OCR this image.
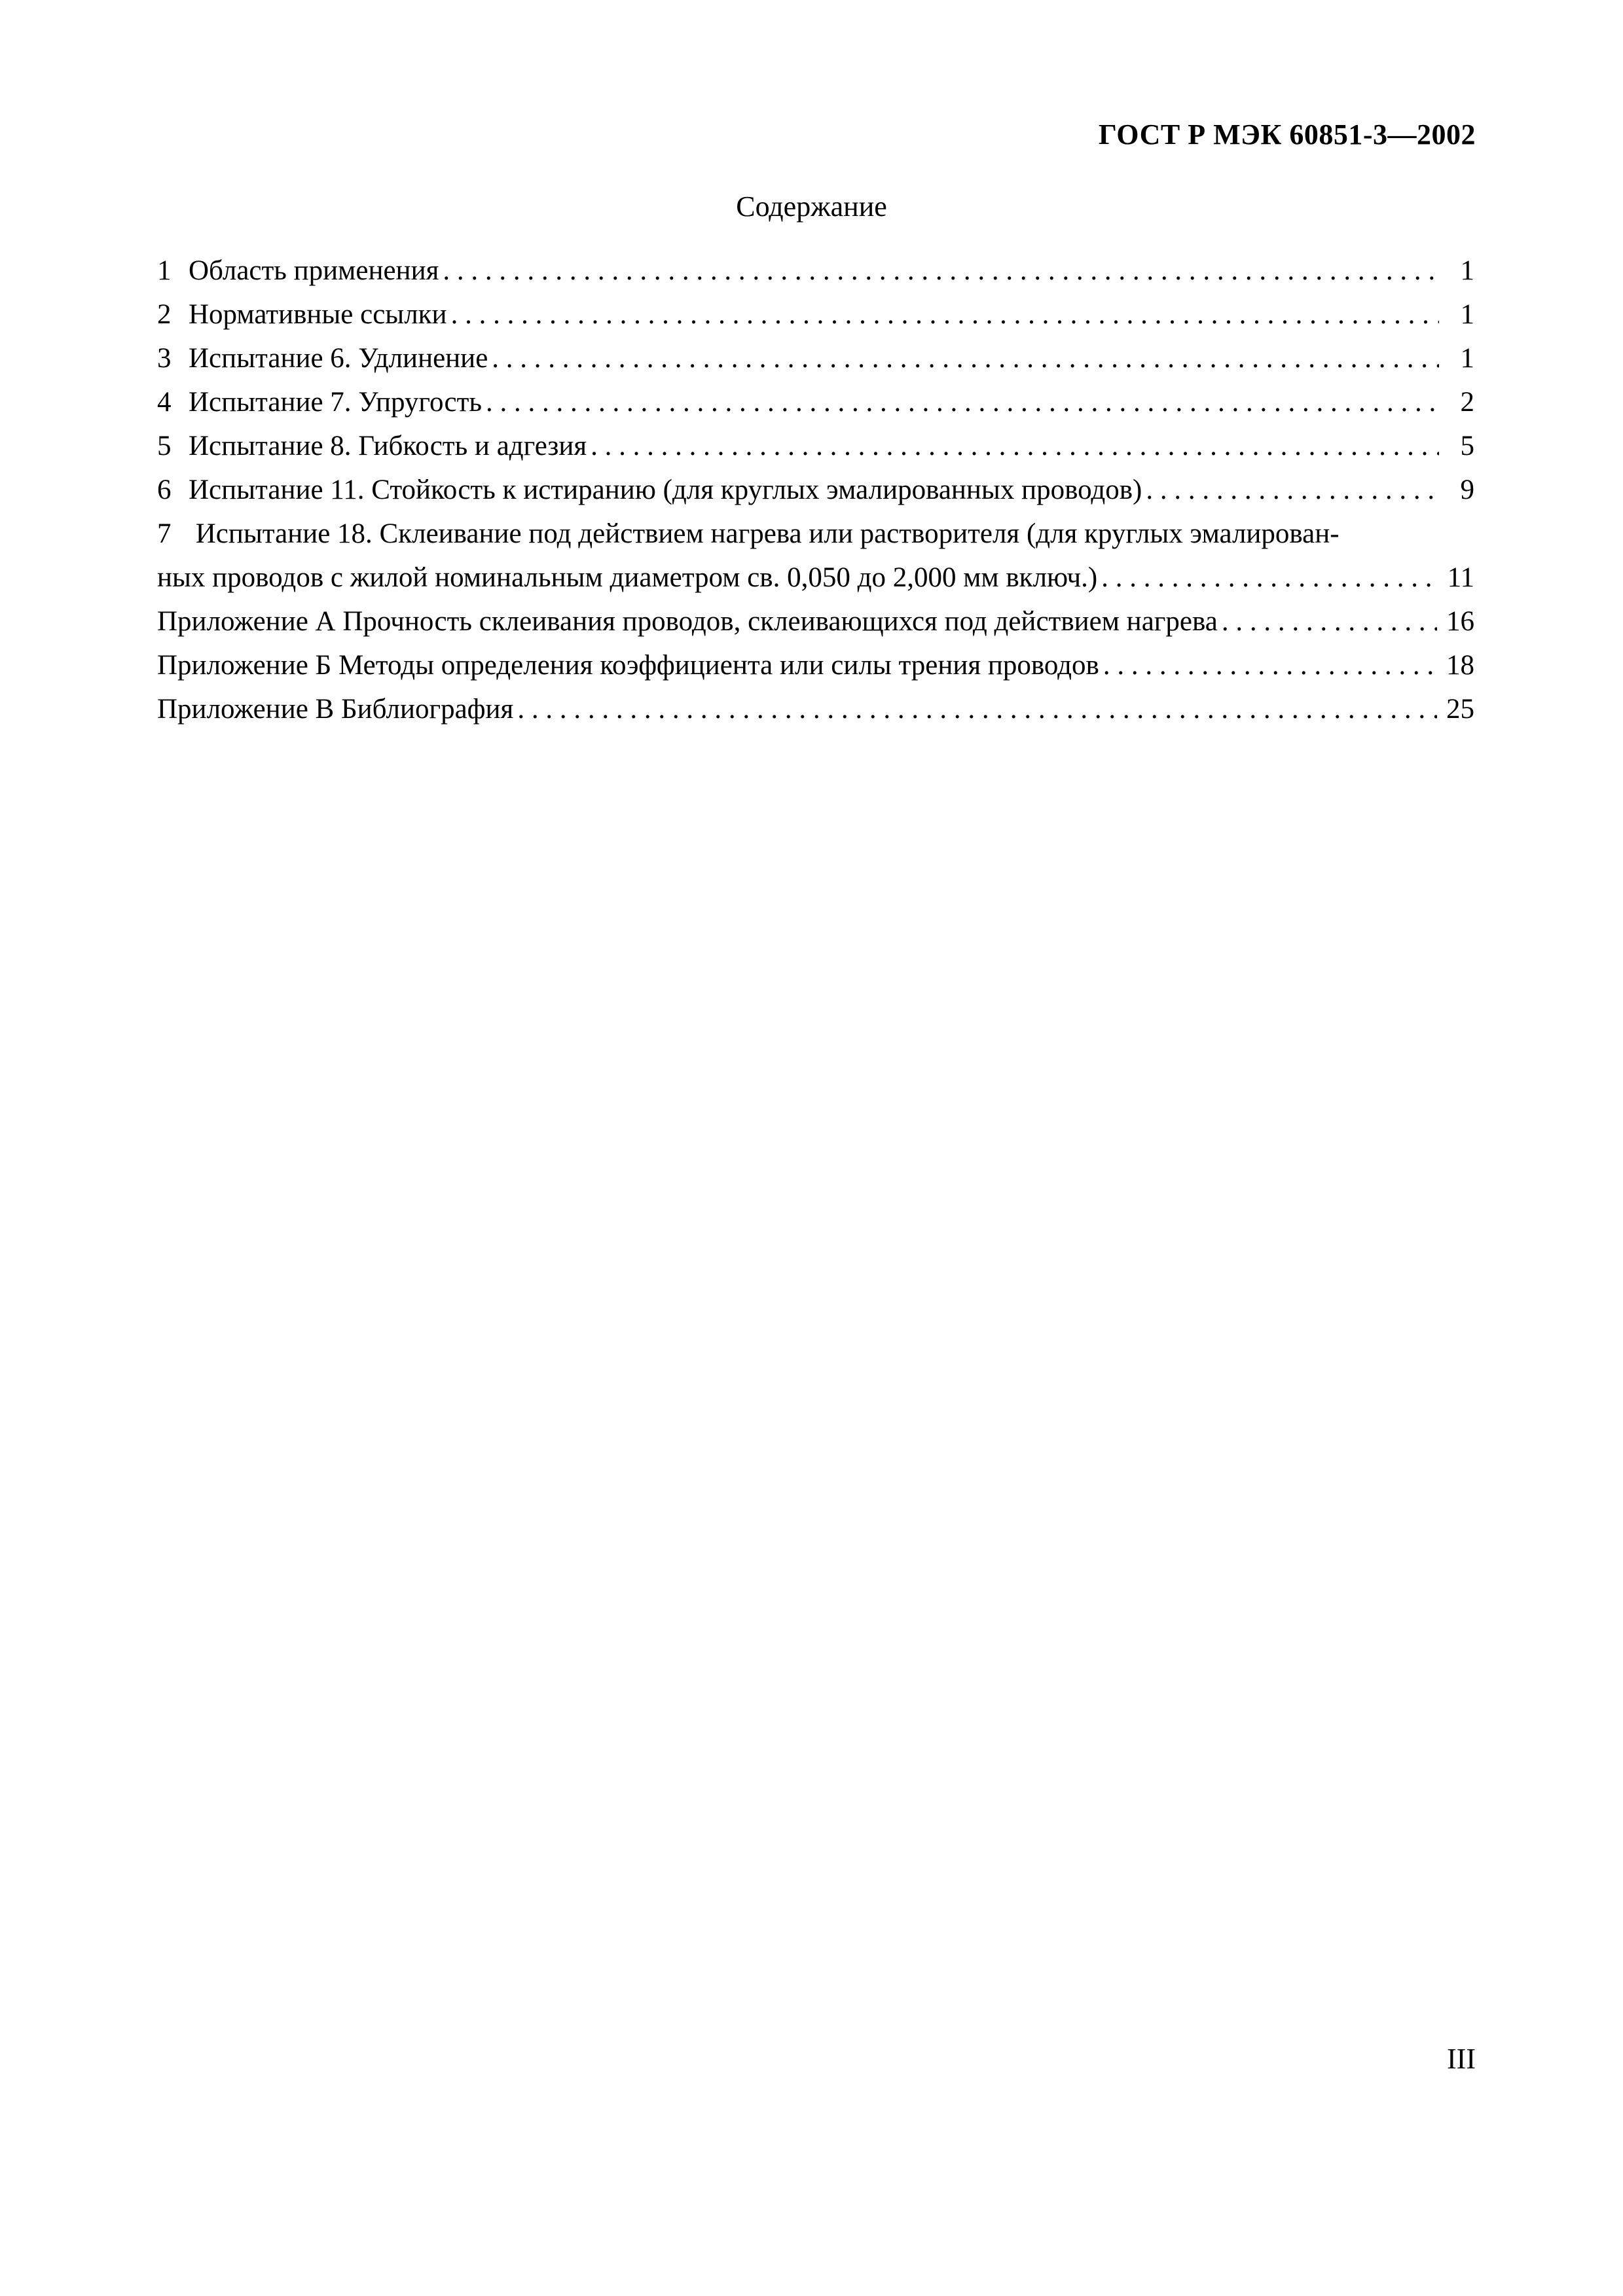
ГОСТ Р МЭК 60851-3—2002
Содержание
1 Область применения . . .	1
2 Нормативные ссылки . . .	1
3 Испытание 6. Удлинение . . .	1
4 Испытание 7. Упругость . . .	2
5 Испытание 8. Гибкость и адгезия . . .	5
6 Испытание 11. Стойкость к истиранию (для круглых эмалированных проводов) . . .	9
7 Испытание 18. Склеивание под действием нагрева или растворителя (для круглых эмалирован-
ных проводов с жилой номинальным диаметром св. 0,050 до 2,000 мм включ.) . . .	11
Приложение А Прочность склеивания проводов, склеивающихся под действием нагрева . . .	16
Приложение Б Методы определения коэффициента или силы трения проводов . . .	18
Приложение В Библиография . . .	25
III
